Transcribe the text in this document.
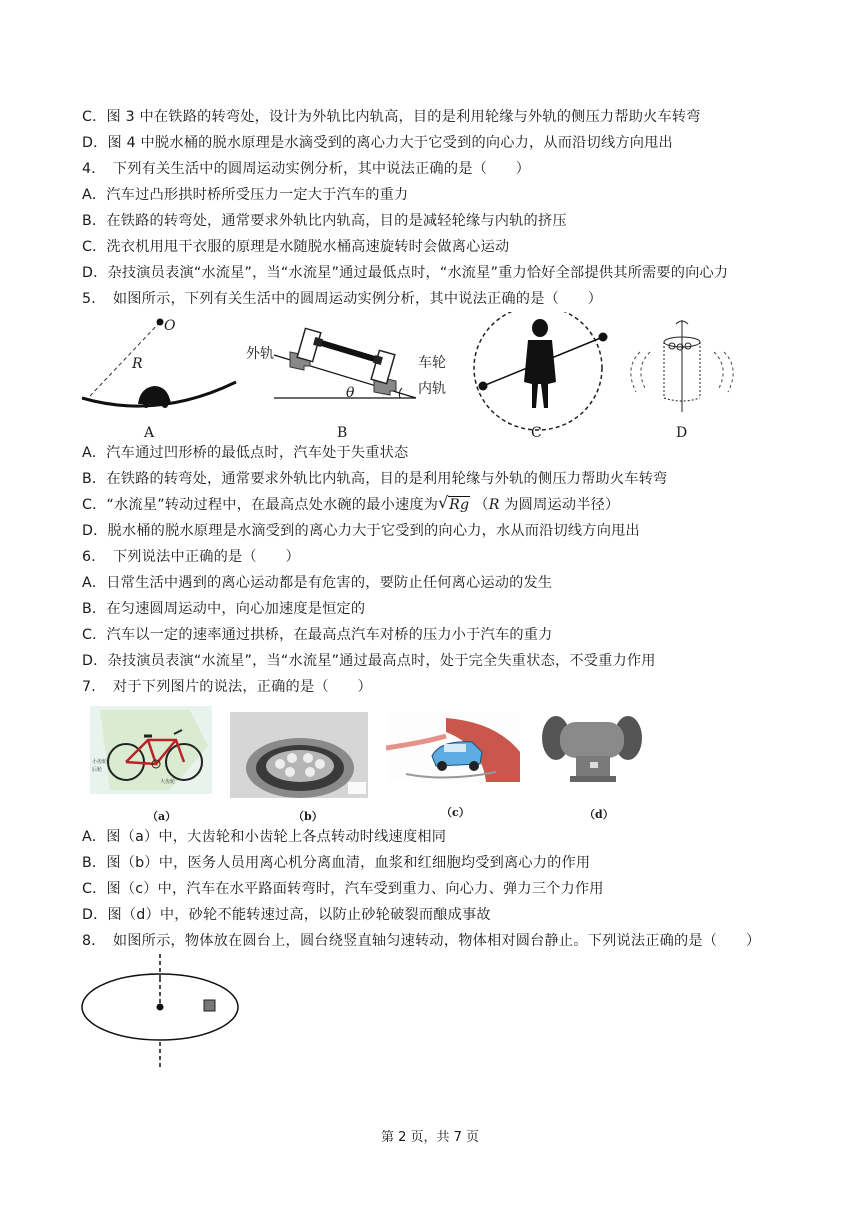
C．图 3 中在铁路的转弯处，设计为外轨比内轨高，目的是利用轮缘与外轨的侧压力帮助火车转弯
D．图 4 中脱水桶的脱水原理是水滴受到的离心力大于它受到的向心力，从而沿切线方向甩出
4．　下列有关生活中的圆周运动实例分析，其中说法正确的是（　　）
A．汽车过凸形拱时桥所受压力一定大于汽车的重力
B．在铁路的转弯处，通常要求外轨比内轨高，目的是减轻轮缘与内轨的挤压
C．洗衣机用甩干衣服的原理是水随脱水桶高速旋转时会做离心运动
D．杂技演员表演“水流星”，当“水流星”通过最低点时，“水流星”重力恰好全部提供其所需要的向心力
5．　如图所示，下列有关生活中的圆周运动实例分析，其中说法正确的是（　　）
O
R
外轨
车轮
内轨
θ
A	B	C	D
A．汽车通过凹形桥的最低点时，汽车处于失重状态
B．在铁路的转弯处，通常要求外轨比内轨高，目的是利用轮缘与外轨的侧压力帮助火车转弯
C．“水流星”转动过程中，在最高点处水碗的最小速度为 √ Rg （R 为圆周运动半径）
D．脱水桶的脱水原理是水滴受到的离心力大于它受到的向心力，水从而沿切线方向甩出
6．　下列说法中正确的是（　　）
A．日常生活中遇到的离心运动都是有危害的，要防止任何离心运动的发生
B．在匀速圆周运动中，向心加速度是恒定的
C．汽车以一定的速率通过拱桥，在最高点汽车对桥的压力小于汽车的重力
D．杂技演员表演“水流星”，当“水流星”通过最高点时，处于完全失重状态，不受重力作用
7．　对于下列图片的说法，正确的是（　　）
小齿轮
后轮
大齿轮
（a）	（b）	（c）	（d）
A．图（a）中，大齿轮和小齿轮上各点转动时线速度相同
B．图（b）中，医务人员用离心机分离血清，血浆和红细胞均受到离心力的作用
C．图（c）中，汽车在水平路面转弯时，汽车受到重力、向心力、弹力三个力作用
D．图（d）中，砂轮不能转速过高，以防止砂轮破裂而酿成事故
8．　如图所示，物体放在圆台上，圆台绕竖直轴匀速转动，物体相对圆台静止。下列说法正确的是（　　）
第 2 页，共 7 页
